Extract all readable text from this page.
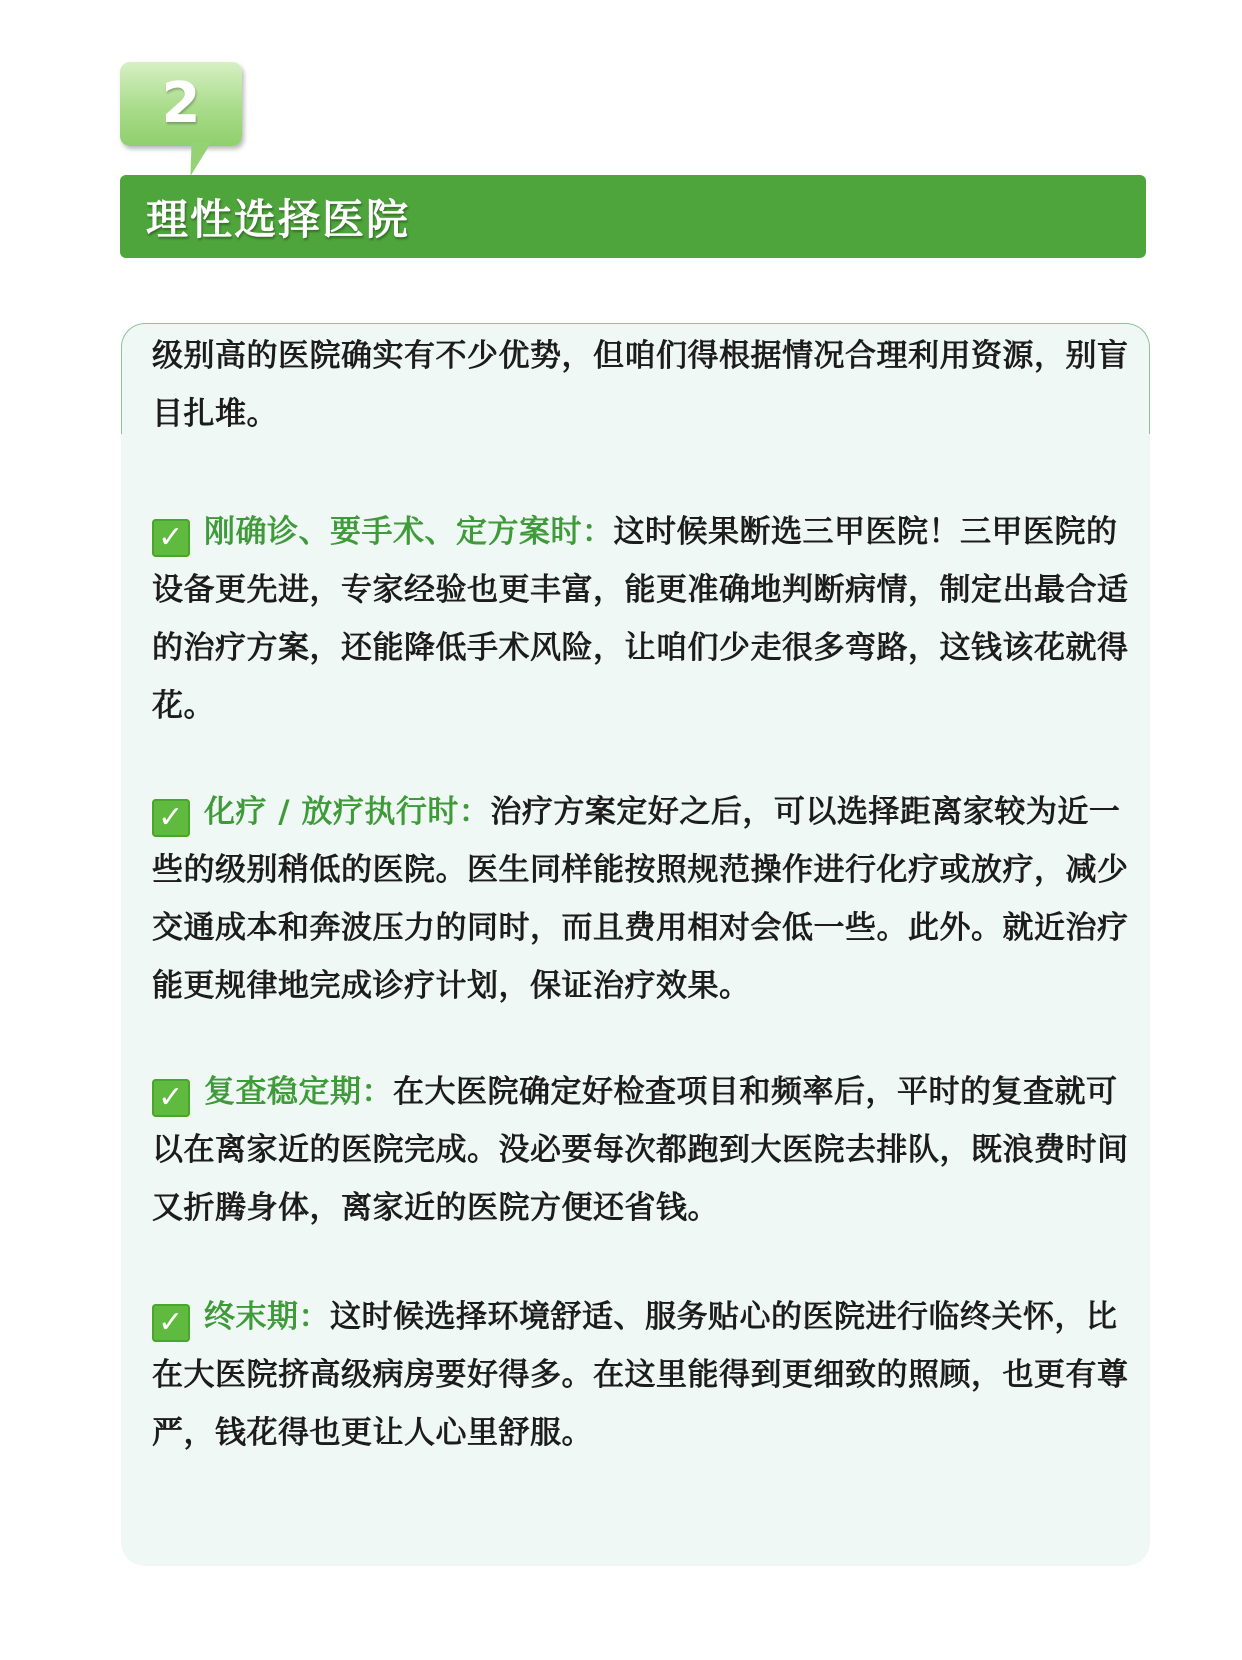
2
理性选择医院
级别高的医院确实有不少优势，但咱们得根据情况合理利用资源，别盲目扎堆。
✓ 刚确诊、要手术、定方案时：这时候果断选三甲医院！三甲医院的设备更先进，专家经验也更丰富，能更准确地判断病情，制定出最合适的治疗方案，还能降低手术风险，让咱们少走很多弯路，这钱该花就得花。
✓ 化疗 / 放疗执行时：治疗方案定好之后，可以选择距离家较为近一些的级别稍低的医院。医生同样能按照规范操作进行化疗或放疗，减少交通成本和奔波压力的同时，而且费用相对会低一些。此外。就近治疗能更规律地完成诊疗计划，保证治疗效果。
✓ 复查稳定期：在大医院确定好检查项目和频率后，平时的复查就可以在离家近的医院完成。没必要每次都跑到大医院去排队，既浪费时间又折腾身体，离家近的医院方便还省钱。
✓ 终末期：这时候选择环境舒适、服务贴心的医院进行临终关怀，比在大医院挤高级病房要好得多。在这里能得到更细致的照顾，也更有尊严，钱花得也更让人心里舒服。
